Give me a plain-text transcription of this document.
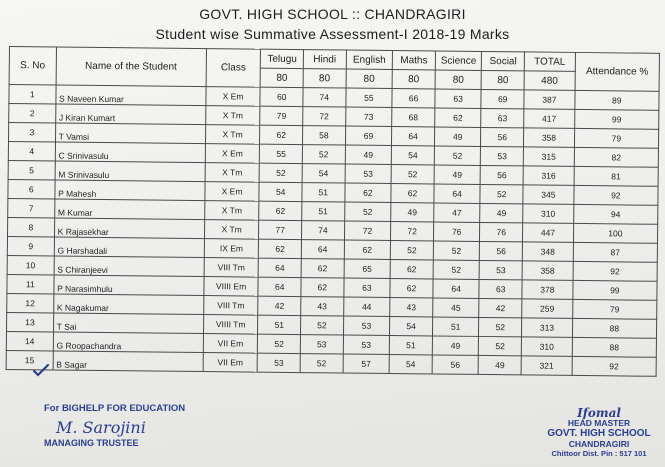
GOVT. HIGH SCHOOL :: CHANDRAGIRI
Student wise Summative Assessment-I 2018-19 Marks
S. No	Name of the Student	Class	Telugu	Hindi	English	Maths	Science	Social	TOTAL	Attendance %
			80	80	80	80	80	80	480	
1	S Naveen Kumar	X Em	60	74	55	66	63	69	387	89
2	J Kiran Kumart	X Tm	79	72	73	68	62	63	417	99
3	T Vamsi	X Tm	62	58	69	64	49	56	358	79
4	C Srinivasulu	X Em	55	52	49	54	52	53	315	82
5	M Srinivasulu	X Tm	52	54	53	52	49	56	316	81
6	P Mahesh	X Em	54	51	62	62	64	52	345	92
7	M Kumar	X Tm	62	51	52	49	47	49	310	94
8	K Rajasekhar	X Tm	77	74	72	72	76	76	447	100
9	G Harshadali	IX Em	62	64	62	52	52	56	348	87
10	S Chiranjeevi	VIII Tm	64	62	65	62	52	53	358	92
11	P Narasimhulu	VIIII Em	64	62	63	62	64	63	378	99
12	K Nagakumar	VIII Tm	42	43	44	43	45	42	259	79
13	T Sai	VIIII Tm	51	52	53	54	51	52	313	88
14	G Roopachandra	VII Em	52	53	53	51	49	52	310	88
15	B Sagar	VII Em	53	52	57	54	56	49	321	92
For BIGHELP FOR EDUCATION
M. Sarojini
MANAGING TRUSTEE
Ifomal
HEAD MASTER
GOVT. HIGH SCHOOL
CHANDRAGIRI
Chittoor Dist. Pin : 517 101
